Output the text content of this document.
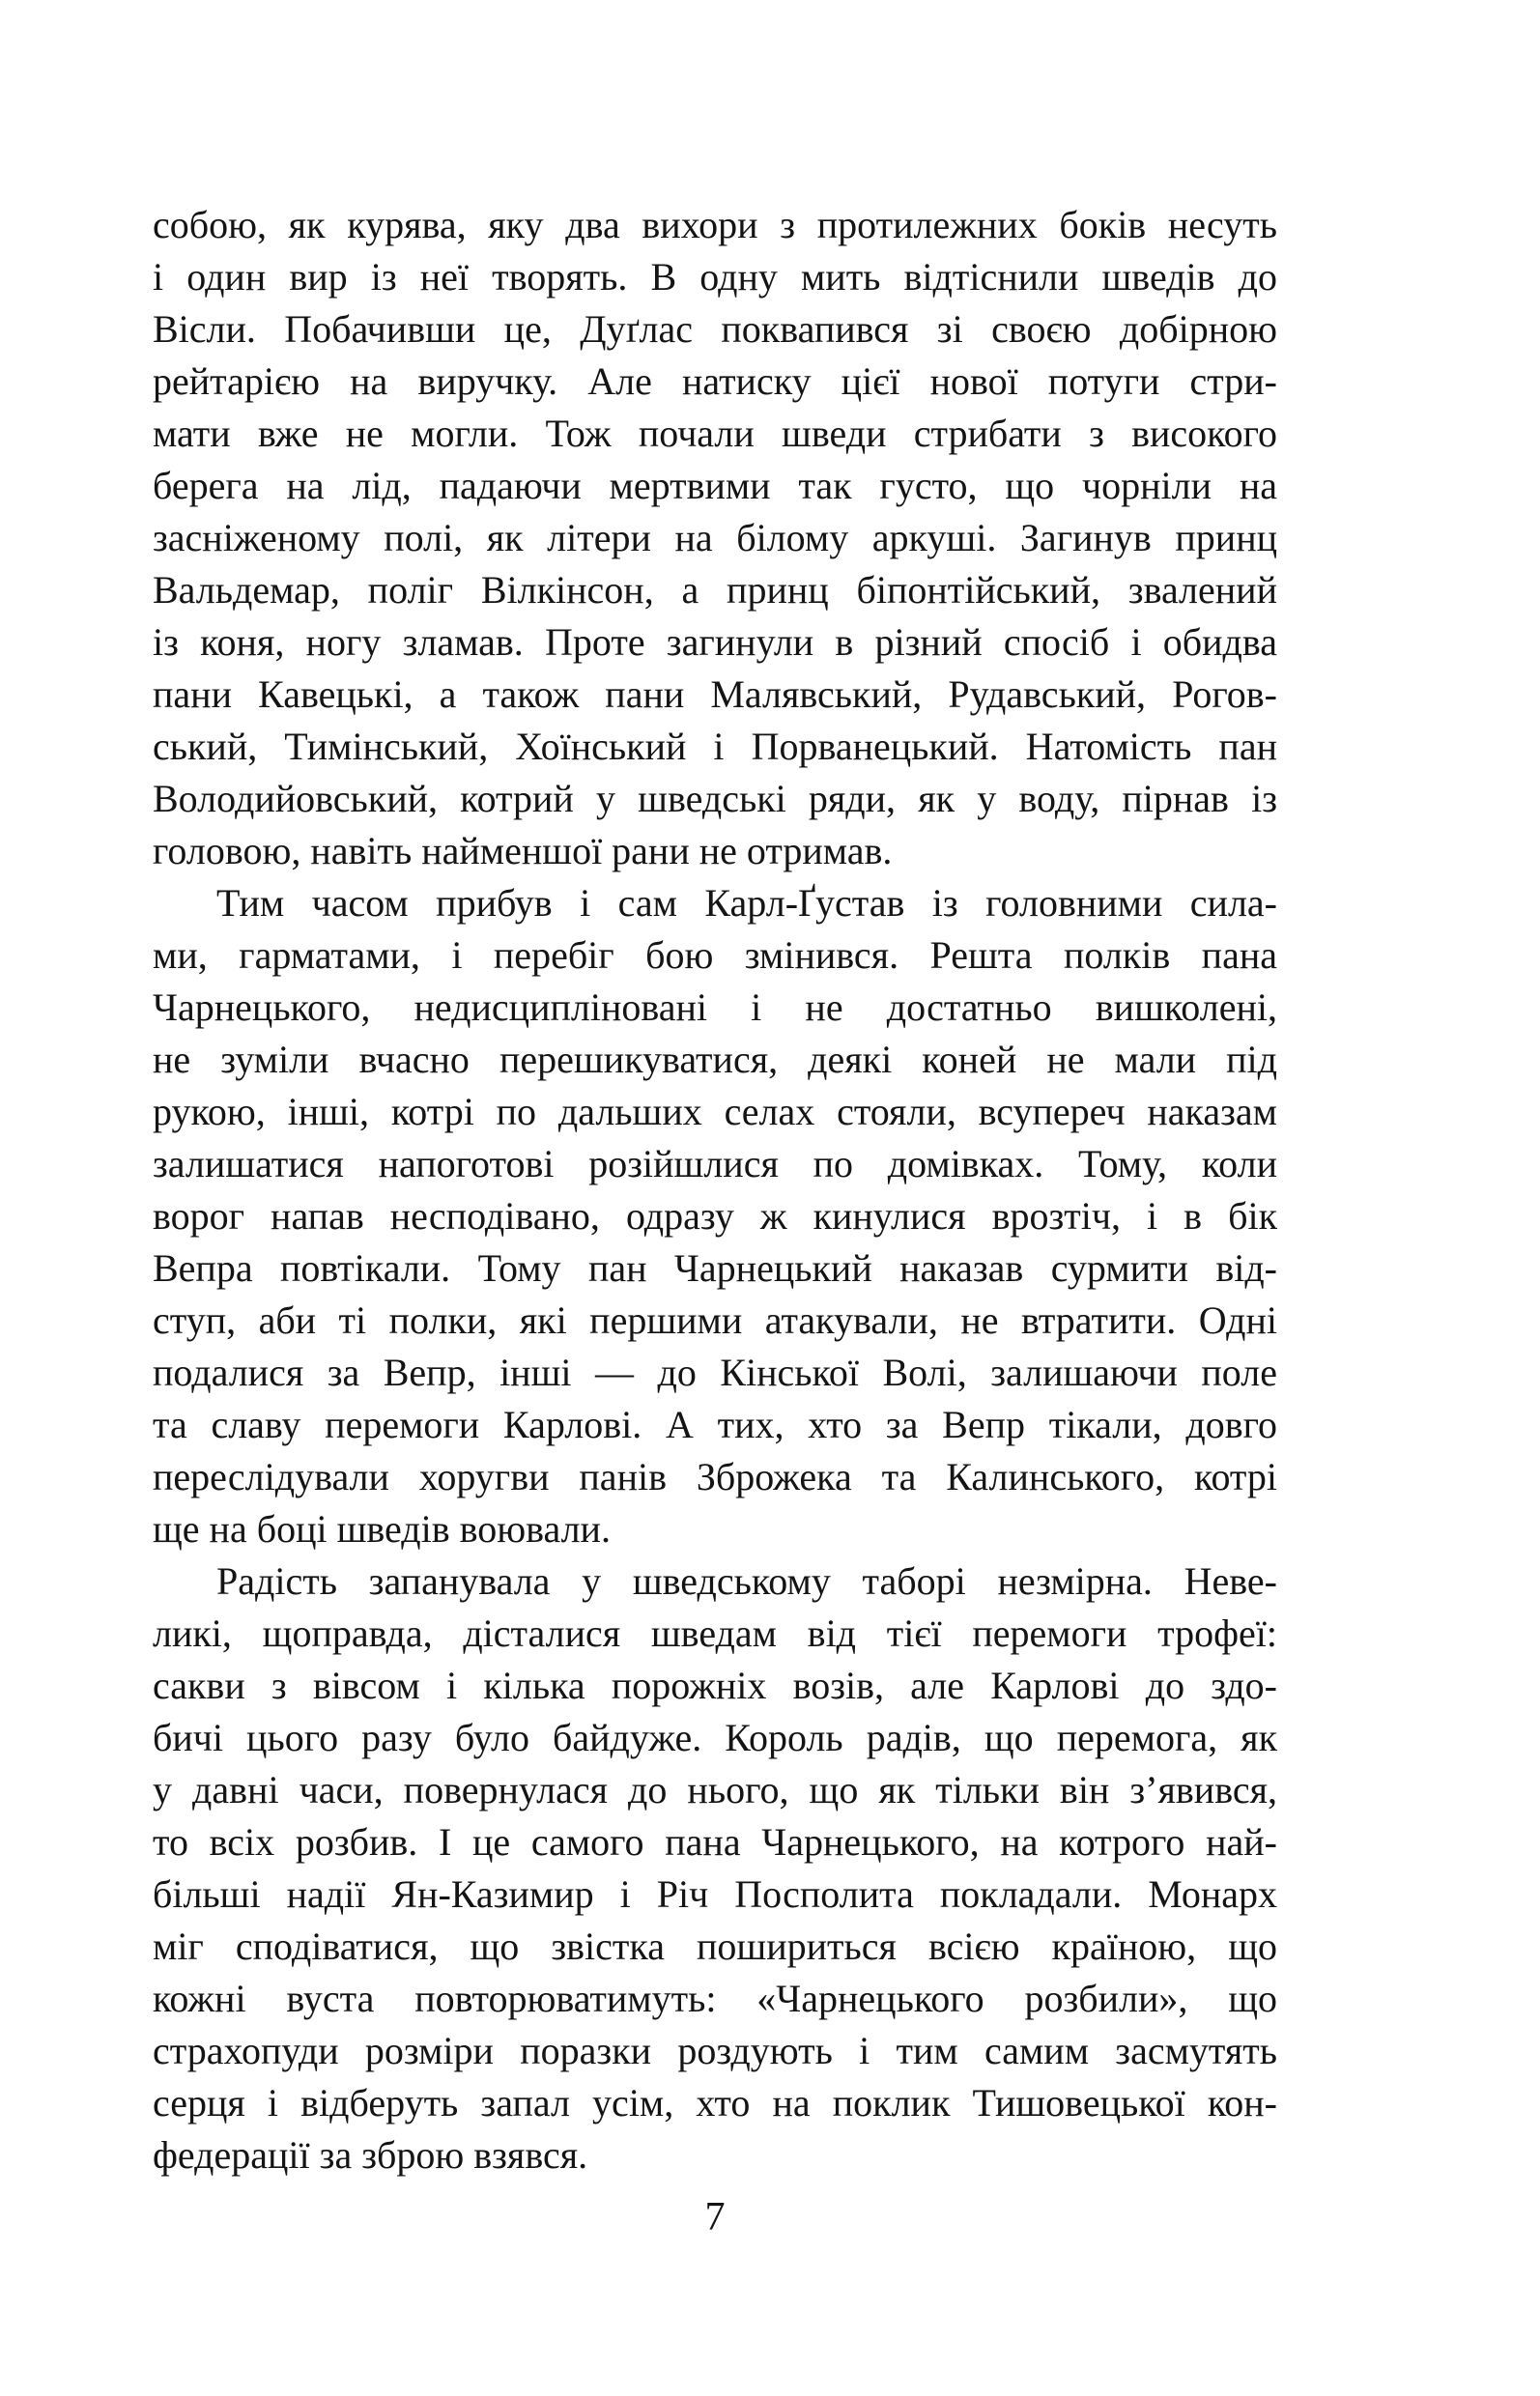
собою, як курява, яку два вихори з протилежних боків несуть
і один вир із неї творять. В одну мить відтіснили шведів до
Вісли. Побачивши це, Дуґлас поквапився зі своєю добірною
рейтарією на виручку. Але натиску цієї нової потуги стри-
мати вже не могли. Тож почали шведи стрибати з високого
берега на лід, падаючи мертвими так густо, що чорніли на
засніженому полі, як літери на білому аркуші. Загинув принц
Вальдемар, поліг Вілкінсон, а принц біпонтійський, звалений
із коня, ногу зламав. Проте загинули в різний спосіб і обидва
пани Кавецькі, а також пани Малявський, Рудавський, Рогов-
ський, Тимінський, Хоїнський і Порванецький. Натомість пан
Володийовський, котрий у шведські ряди, як у воду, пірнав із
головою, навіть найменшої рани не отримав.
Тим часом прибув і сам Карл-Ґустав із головними сила-
ми, гарматами, і перебіг бою змінився. Решта полків пана
Чарнецького, недисципліновані і не достатньо вишколені,
не зуміли вчасно перешикуватися, деякі коней не мали під
рукою, інші, котрі по дальших селах стояли, всупереч наказам
залишатися напоготові розійшлися по домівках. Тому, коли
ворог напав несподівано, одразу ж кинулися врозтіч, і в бік
Вепра повтікали. Тому пан Чарнецький наказав сурмити від-
ступ, аби ті полки, які першими атакували, не втратити. Одні
подалися за Вепр, інші — до Кінської Волі, залишаючи поле
та славу перемоги Карлові. А тих, хто за Вепр тікали, довго
переслідували хоругви панів Зброжека та Калинського, котрі
ще на боці шведів воювали.
Радість запанувала у шведському таборі незмірна. Неве-
ликі, щоправда, дісталися шведам від тієї перемоги трофеї:
сакви з вівсом і кілька порожніх возів, але Карлові до здо-
бичі цього разу було байдуже. Король радів, що перемога, як
у давні часи, повернулася до нього, що як тільки він з’явився,
то всіх розбив. І це самого пана Чарнецького, на котрого най-
більші надії Ян-Казимир і Річ Посполита покладали. Монарх
міг сподіватися, що звістка пошириться всією країною, що
кожні вуста повторюватимуть: «Чарнецького розбили», що
страхопуди розміри поразки роздують і тим самим засмутять
серця і відберуть запал усім, хто на поклик Тишовецької кон-
федерації за зброю взявся.
7
